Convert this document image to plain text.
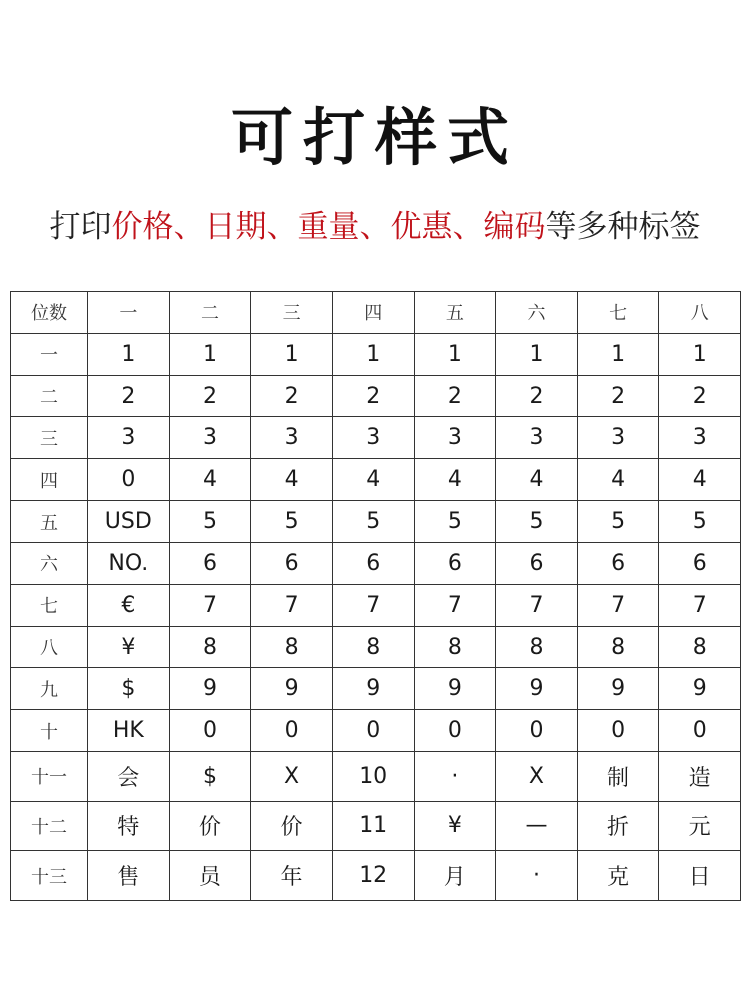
可打样式
打印价格、日期、重量、优惠、编码等多种标签
位数	一	二	三	四	五	六	七	八
一	1	1	1	1	1	1	1	1
二	2	2	2	2	2	2	2	2
三	3	3	3	3	3	3	3	3
四	0	4	4	4	4	4	4	4
五	USD	5	5	5	5	5	5	5
六	NO.	6	6	6	6	6	6	6
七	€	7	7	7	7	7	7	7
八	¥	8	8	8	8	8	8	8
九	$	9	9	9	9	9	9	9
十	HK	0	0	0	0	0	0	0
十一	会	$	X	10	·	X	制	造
十二	特	价	价	11	¥	—	折	元
十三	售	员	年	12	月	·	克	日
